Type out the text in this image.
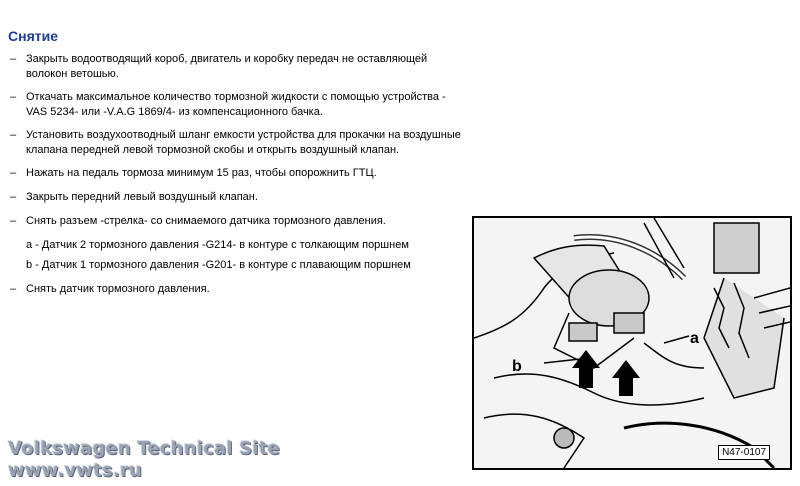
Снятие
– Закрыть водоотводящий короб, двигатель и коробку передач не оставляющей волокон ветошью.
– Откачать максимальное количество тормозной жидкости с помощью устройства -VAS 5234- или -V.A.G 1869/4- из компенсационного бачка.
– Установить воздухоотводный шланг емкости устройства для прокачки на воздушные клапана передней левой тормозной скобы и открыть воздушный клапан.
– Нажать на педаль тормоза минимум 15 раз, чтобы опорожнить ГТЦ.
– Закрыть передний левый воздушный клапан.
– Снять разъем -стрелка- со снимаемого датчика тормозного давления.
a - Датчик 2 тормозного давления -G214- в контуре с толкающим поршнем
b - Датчик 1 тормозного давления -G201- в контуре с плавающим поршнем
– Снять датчик тормозного давления.
b
a
N47-0107
Volkswagen Technical Site
www.vwts.ru
